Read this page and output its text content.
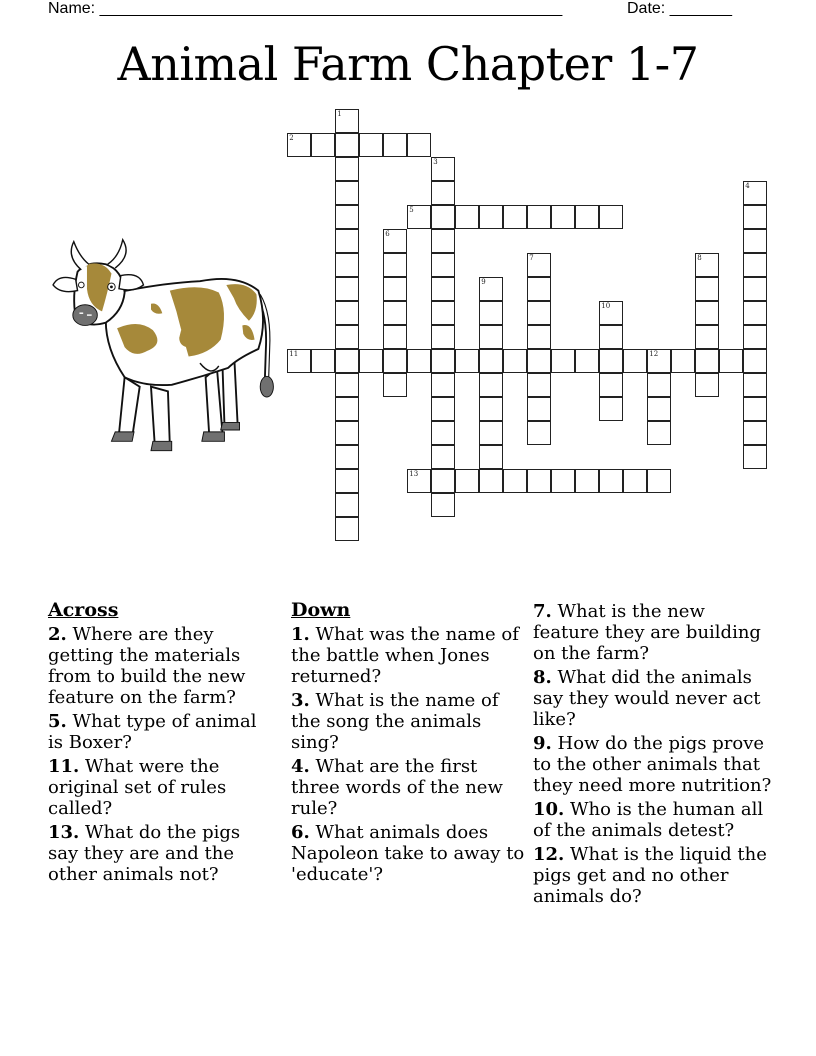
Name: ____________________________________________________	Date: _______
Animal Farm Chapter 1-7
1
2
3
4
5
6
7	8
9
10
11	12
13
Across
2. Where are they getting the materials from to build the new feature on the farm?
5. What type of animal is Boxer?
11. What were the original set of rules called?
13. What do the pigs say they are and the other animals not?
Down
1. What was the name of the battle when Jones returned?
3. What is the name of the song the animals sing?
4. What are the first three words of the new rule?
6. What animals does Napoleon take to away to 'educate'?
7. What is the new feature they are building on the farm?
8. What did the animals say they would never act like?
9. How do the pigs prove to the other animals that they need more nutrition?
10. Who is the human all of the animals detest?
12. What is the liquid the pigs get and no other animals do?
